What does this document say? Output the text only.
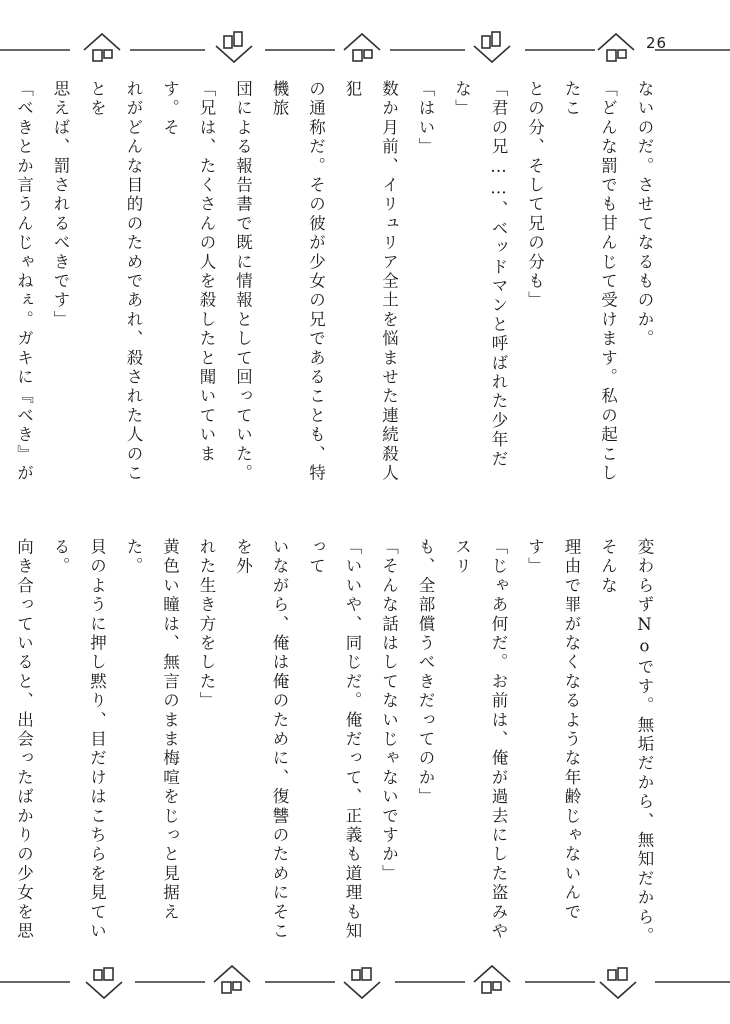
26

ないのだ。させてなるものか。

「どんな罰でも甘んじて受けます。私の起こしたこ

との分、そして兄の分も」

「君の兄……、ベッドマンと呼ばれた少年だな」

「はい」

数か月前、イリュリア全土を悩ませた連続殺人犯

の通称だ。その彼が少女の兄であることも、特機旅

団による報告書で既に情報として回っていた。

「兄は、たくさんの人を殺したと聞いています。そ

れがどんな目的のためであれ、殺された人のことを

思えば、罰されるべきです」

「べきとか言うんじゃねぇ。ガキに『べき』が

変わらずNoです。無垢だから、無知だから。そんな

理由で罪がなくなるような年齢じゃないんです」

「じゃあ何だ。お前は、俺が過去にした盗みやスリ

も、全部償うべきだってのか」

「そんな話はしてないじゃないですか」

「いいや、同じだ。俺だって、正義も道理も知って

いながら、俺は俺のために、復讐のためにそこを外

れた生き方をした」

黄色い瞳は、無言のまま梅喧をじっと見据えた。

貝のように押し黙り、目だけはこちらを見ている。

向き合っていると、出会ったばかりの少女を思
